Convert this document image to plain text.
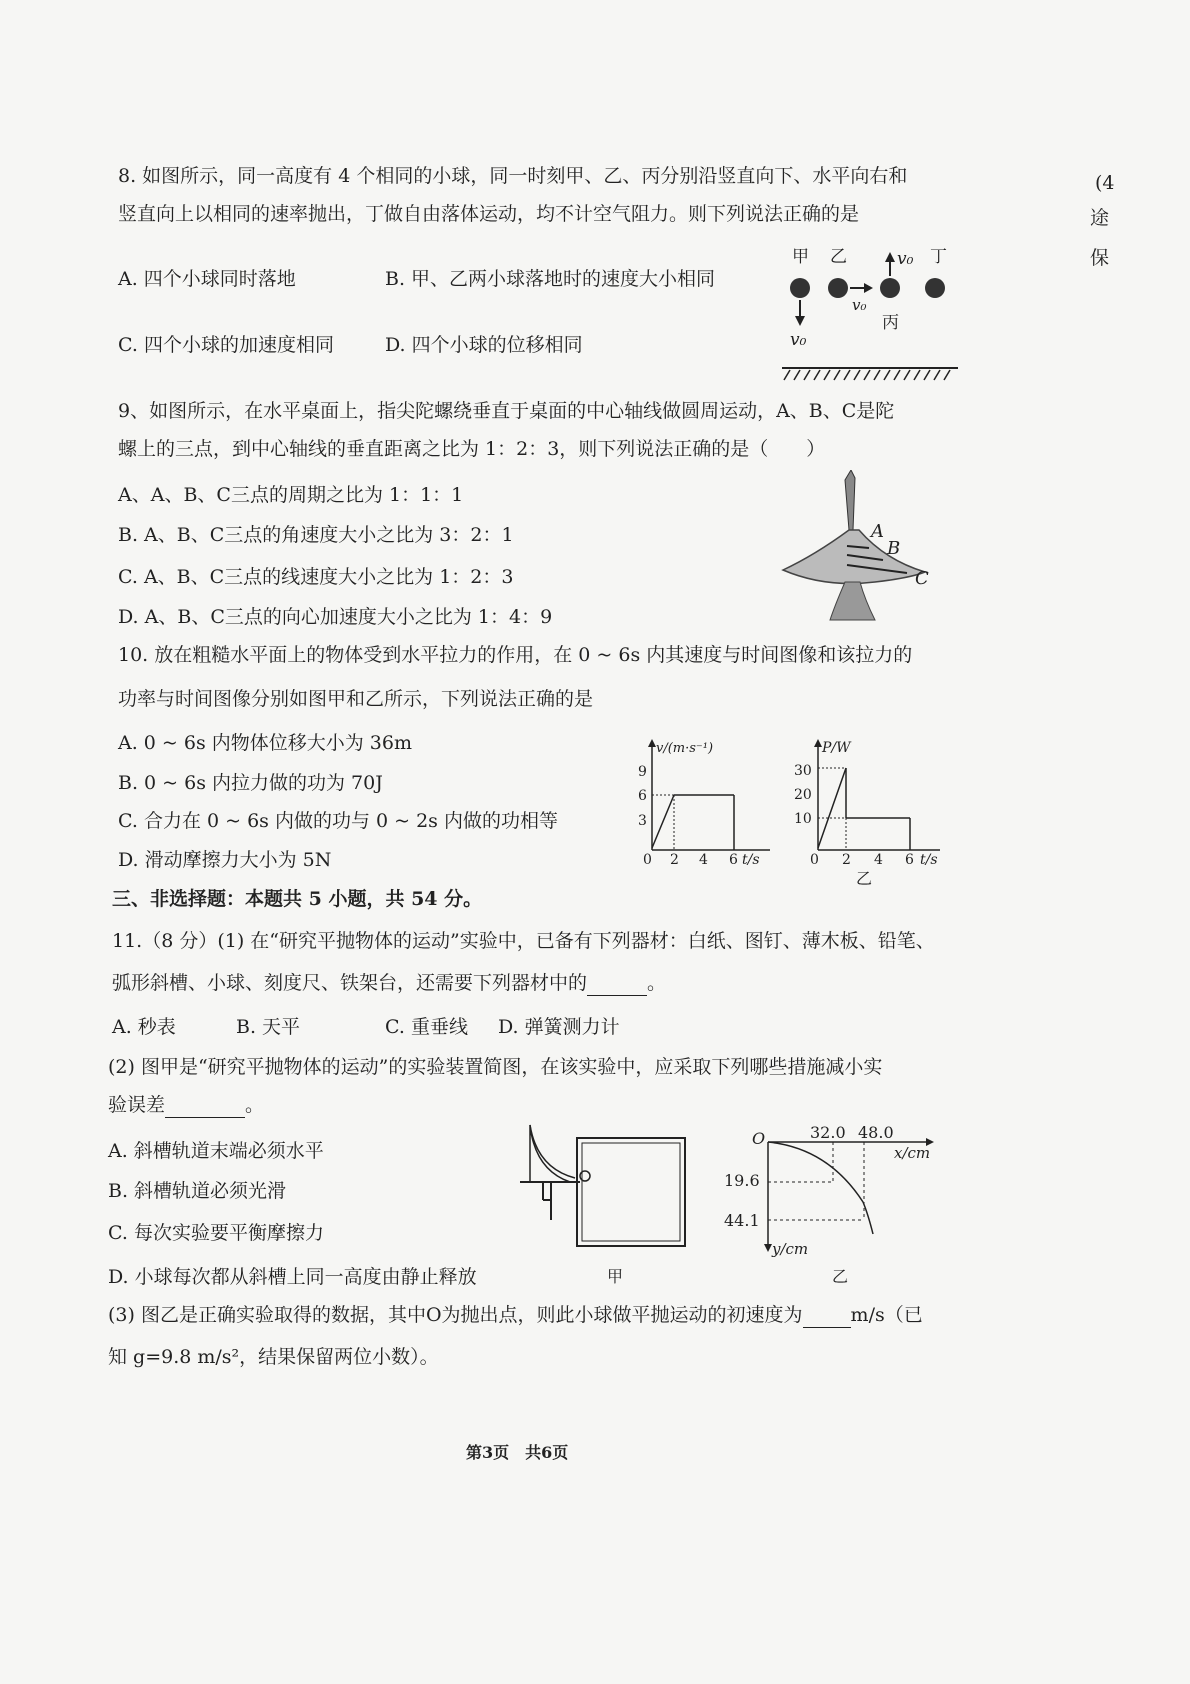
(4
途
保
8. 如图所示，同一高度有 4 个相同的小球，同一时刻甲、乙、丙分别沿竖直向下、水平向右和
竖直向上以相同的速率抛出，丁做自由落体运动，均不计空气阻力。则下列说法正确的是
A. 四个小球同时落地	B. 甲、乙两小球落地时的速度大小相同
C. 四个小球的加速度相同	D. 四个小球的位移相同
甲 乙	丁
丙
v₀
v₀
v₀
9、如图所示，在水平桌面上，指尖陀螺绕垂直于桌面的中心轴线做圆周运动，A、B、C是陀
螺上的三点，到中心轴线的垂直距离之比为 1：2：3，则下列说法正确的是（　　）
A、A、B、C三点的周期之比为 1：1：1
B. A、B、C三点的角速度大小之比为 3：2：1
C. A、B、C三点的线速度大小之比为 1：2：3
D. A、B、C三点的向心加速度大小之比为 1：4：9
A
B
C
10. 放在粗糙水平面上的物体受到水平拉力的作用，在 0 ~ 6s 内其速度与时间图像和该拉力的
功率与时间图像分别如图甲和乙所示，下列说法正确的是
A. 0 ~ 6s 内物体位移大小为 36m
B. 0 ~ 6s 内拉力做的功为 70J
C. 合力在 0 ~ 6s 内做的功与 0 ~ 2s 内做的功相等
D. 滑动摩擦力大小为 5N
v/(m·s⁻¹)
9
6
3
0 2 4 6 t/s
P/W
30
20
10
0 2 4 6 t/s
乙
三、非选择题：本题共 5 小题，共 54 分。
11.（8 分）(1) 在“研究平抛物体的运动”实验中，已备有下列器材：白纸、图钉、薄木板、铅笔、
弧形斜槽、小球、刻度尺、铁架台，还需要下列器材中的	。
A. 秒表	B. 天平	C. 重垂线 D. 弹簧测力计
(2) 图甲是“研究平抛物体的运动”的实验装置简图，在该实验中，应采取下列哪些措施减小实
验误差	。
A. 斜槽轨道末端必须水平
B. 斜槽轨道必须光滑
C. 每次实验要平衡摩擦力
D. 小球每次都从斜槽上同一高度由静止释放	甲
O	32.0 48.0
x/cm
y/cm
19.6
44.1
乙
(3) 图乙是正确实验取得的数据，其中O为抛出点，则此小球做平抛运动的初速度为	m/s（已
知 g=9.8 m/s²，结果保留两位小数）。
第3页　共6页
